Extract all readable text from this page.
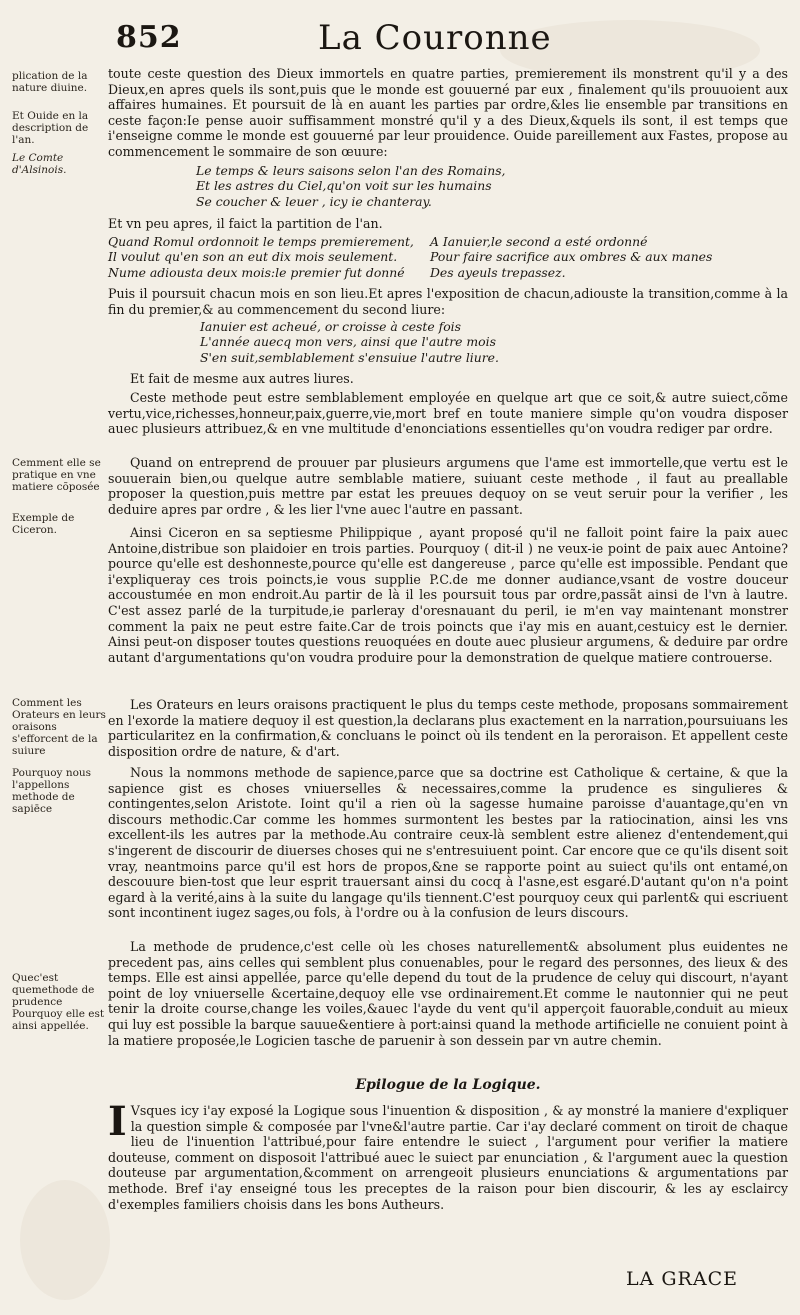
852	La Couronne
plication de la nature diuine.
Et Ouide en la description de l'an.
Le Comte d'Alsinois.
Cemment elle se pratique en vne matiere cõposée
Exemple de Ciceron.
Comment les Orateurs en leurs oraisons s'efforcent de la suiure
Pourquoy nous l'appellons methode de sapiēce
Quec'est quemethode de prudence Pourquoy elle est ainsi appellée.

toute ceste question des Dieux immortels en quatre parties, premierement ils monstrent qu'il y a des Dieux,en apres quels ils sont,puis que le monde est gouuerné par eux , finalement qu'ils prouuoient aux affaires humaines. Et poursuit de là en auant les parties par ordre,&les lie ensemble par transitions en ceste façon:Ie pense auoir suffisamment monstré qu'il y a des Dieux,&quels ils sont, il est temps que i'enseigne comme le monde est gouuerné par leur prouidence. Ouide pareillement aux Fastes, propose au commencement le sommaire de son œuure:

Le temps & leurs saisons selon l'an des Romains,
Et les astres du Ciel,qu'on voit sur les humains
Se coucher & leuer , icy ie chanteray.

Et vn peu apres, il faict la partition de l'an.

Quand Romul ordonnoit le temps premierement,
Il voulut qu'en son an eut dix mois seulement.
Nume adiousta deux mois:le premier fut donné
A Ianuier,le second a esté ordonné
Pour faire sacrifice aux ombres & aux manes
Des ayeuls trepassez.

Puis il poursuit chacun mois en son lieu.Et apres l'exposition de chacun,adiouste la transition,comme à la fin du premier,& au commencement du second liure:

Ianuier est acheué, or croisse à ceste fois
L'année auecq mon vers, ainsi que l'autre mois
S'en suit,semblablement s'ensuiue l'autre liure.

Et fait de mesme aux autres liures.

Ceste methode peut estre semblablement employée en quelque art que ce soit,& autre suiect,cõme vertu,vice,richesses,honneur,paix,guerre,vie,mort bref en toute maniere simple qu'on voudra disposer auec plusieurs attribuez,& en vne multitude d'enonciations essentielles qu'on voudra rediger par ordre.

Quand on entreprend de prouuer par plusieurs argumens que l'ame est immortelle,que vertu est le souuerain bien,ou quelque autre semblable matiere, suiuant ceste methode , il faut au preallable proposer la question,puis mettre par estat les preuues dequoy on se veut seruir pour la verifier , les deduire apres par ordre , & les lier l'vne auec l'autre en passant.

Ainsi Ciceron en sa septiesme Philippique , ayant proposé qu'il ne falloit point faire la paix auec Antoine,distribue son plaidoier en trois parties. Pourquoy ( dit-il ) ne veux-ie point de paix auec Antoine?pource qu'elle est deshonneste,pource qu'elle est dangereuse , parce qu'elle est impossible. Pendant que i'expliqueray ces trois poincts,ie vous supplie P.C.de me donner audiance,vsant de vostre douceur accoustumée en mon endroit.Au partir de là il les poursuit tous par ordre,passãt ainsi de l'vn à lautre. C'est assez parlé de la turpitude,ie parleray d'oresnauant du peril, ie m'en vay maintenant monstrer comment la paix ne peut estre faite.Car de trois poincts que i'ay mis en auant,cestuicy est le dernier. Ainsi peut-on disposer toutes questions reuoquées en doute auec plusieur argumens, & deduire par ordre autant d'argumentations qu'on voudra produire pour la demonstration de quelque matiere controuerse.

Les Orateurs en leurs oraisons practiquent le plus du temps ceste methode, proposans sommairement en l'exorde la matiere dequoy il est question,la declarans plus exactement en la narration,poursuiuans les particularitez en la confirmation,& concluans le poinct où ils tendent en la peroraison. Et appellent ceste disposition ordre de nature, & d'art.

Nous la nommons methode de sapience,parce que sa doctrine est Catholique & certaine, & que la sapience gist es choses vniuerselles & necessaires,comme la prudence es singulieres & contingentes,selon Aristote. Ioint qu'il a rien où la sagesse humaine paroisse d'auantage,qu'en vn discours methodic.Car comme les hommes surmontent les bestes par la ratiocination, ainsi les vns excellent-ils les autres par la methode.Au contraire ceux-là semblent estre alienez d'entendement,qui s'ingerent de discourir de diuerses choses qui ne s'entresuiuent point. Car encore que ce qu'ils disent soit vray, neantmoins parce qu'il est hors de propos,&ne se rapporte point au suiect qu'ils ont entamé,on descouure bien-tost que leur esprit trauersant ainsi du cocq à l'asne,est esgaré.D'autant qu'on n'a point egard à la verité,ains à la suite du langage qu'ils tiennent.C'est pourquoy ceux qui parlent& qui escriuent sont incontinent iugez sages,ou fols, à l'ordre ou à la confusion de leurs discours.

La methode de prudence,c'est celle où les choses naturellement& absolument plus euidentes ne precedent pas, ains celles qui semblent plus conuenables, pour le regard des personnes, des lieux & des temps. Elle est ainsi appellée, parce qu'elle depend du tout de la prudence de celuy qui discourt, n'ayant point de loy vniuerselle &certaine,dequoy elle vse ordinairement.Et comme le nautonnier qui ne peut tenir la droite course,change les voiles,&auec l'ayde du vent qu'il apperçoit fauorable,conduit au mieux qui luy est possible la barque sauue&entiere à port:ainsi quand la methode artificielle ne conuient point à la matiere proposée,le Logicien tasche de paruenir à son dessein par vn autre chemin.

Epilogue de la Logique.
I Vsques icy i'ay exposé la Logique sous l'inuention & disposition , & ay monstré la maniere d'expliquer la question simple & composée par l'vne&l'autre partie. Car i'ay declaré comment on tiroit de chaque lieu de l'inuention l'attribué,pour faire entendre le suiect , l'argument pour verifier la matiere douteuse, comment on disposoit l'attribué auec le suiect par enunciation , & l'argument auec la question douteuse par argumentation,&comment on arrengeoit plusieurs enunciations & argumentations par methode. Bref i'ay enseigné tous les preceptes de la raison pour bien discourir, & les ay esclaircy d'exemples familiers choisis dans les bons Autheurs.

LA GRACE
